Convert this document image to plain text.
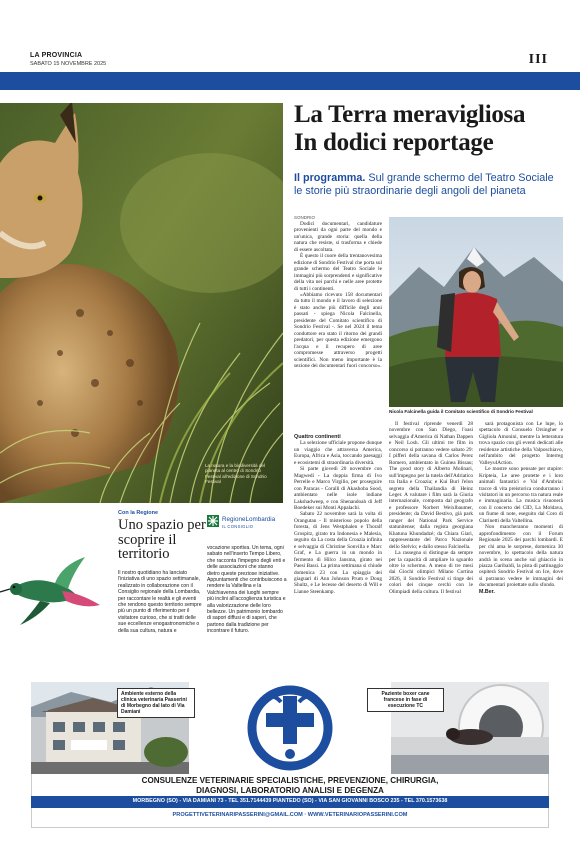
LA PROVINCIA
SABATO 15 NOVEMBRE 2025	III
La natura e la biodiversità del pianeta al centro di Sondrio Festival all'edizione di Sondrio Festival
La Terra meravigliosa
In dodici reportage
Il programma. Sul grande schermo del Teatro Sociale le storie più straordinarie degli angoli del pianeta
SONDRIO

Dodici documentari, candidature provenienti da ogni parte del mondo e un'unica, grande storia: quella della natura che resiste, si trasforma e chiede di essere ascoltata.

È questo il cuore della trentanovesima edizione di Sondrio Festival che porta sul grande schermo del Teatro Sociale le immagini più sorprendenti e significative della vita nei parchi e nelle aree protette di tutti i continenti.

«Abbiamo ricevuto 158 documentari da tutto il mondo e il lavoro di selezione è stato anche più difficile degli anni passati - spiega Nicola Falcinella, presidente del Comitato scientifico di Sondrio Festival -. Se nel 2024 il tema conduttore era stato il ritorno dei grandi predatori, per questa edizione emergono l'acqua e il recupero di aree compromesse attraverso progetti scientifici. Non meno importante è la sezione dei documentari fuori concorso».

Quattro continenti

La selezione ufficiale propone dunque un viaggio che attraversa America, Europa, Africa e Asia, toccando paesaggi e ecosistemi di straordinaria diversità.

Si parte giovedì 20 novembre con Magwedi - La doppia firma di Ivo Perrelle e Marco Virgilio, per proseguire con Paracas - Coralli di Akashoba Sood, ambientato nelle isole indiane Lakshadweep, e con Shenandoah di Jeff Boedeker sui Monti Appalachi.

Sabato 22 novembre sarà la volta di Orangutan - Il misterioso popolo della foresta, di Jens Westphalen e Thoralf Grospitz, girato tra Indonesia e Malesia, seguito da La costa della Croazia infinita e selvaggia di Christine Sonvilla e Marc Graf, e La guerra in un mondo in fermento di Hilco Jansma, girato nei Paesi Bassi. La prima settimana si chiude domenica 23 con La spiaggia dei giaguari di Ann Johnson Prum e Doug Shultz, e Le lecesse del deserto di Will e Lianne Steenkamp.

Nicola Falcinella guida il Comitato scientifico di Sondrio Festival

Il festival riprende venerdì 28 novembre con San Diego, l'oasi selvaggia d'America di Nathan Dappen e Neil Losh. Gli ultimi tre film in concorso si potranno vedere sabato 29: I pifferi della savana di Carlos Perez Romero, ambientato in Guinea Bissau; The good story di Alberto Molinari, sull'impegno per la tutela dell'Adriatico tra Italia e Croazia; e Kui Buri l'elon segreto della Thailandia di Heinz Leger. A valutare i film sarà la Giuria internazionale, composta dal geografo e professore Norbert Weixlbaumer, presidente; da David Bestivo, già park ranger del National Park Service statunitense; dalla regista georgiana Khatuna Khundadzé; da Chiara Giari, rappresentante del Parco Nazionale dello Stelvio; e dallo stesso Falcinella.

La rassegna si distingue da sempre per la capacità di ampliare lo sguardo oltre lo schermo. A meno di tre mesi dai Giochi olimpici Milano Cortina 2026, il Sondrio Festival si tinge dei colori dei cinque cerchi con le Olimpiadi della cultura. Il festival

sarà protagonista con Le lupe, lo spettacolo di Consuelo Orsingher e Gigliola Amonini, mentre la letteratura trova spazio con gli eventi dedicati alle residenze artistiche della Valposchiavo, nell'ambito del progetto Interreg Valleys4Action.

Le mostre sono pensate per stupire: Kripteia, Le aree protette e i loro animali fantastici e Val d'Ambria: tracce di vita preistorica condurranno i visitatori in un percorso tra natura reale e immaginaria. La musica risuonerà con il concerto del CID, La Moldava, un fiume di note, eseguito dal Coro di Clarinetti della Valtellina.

Non mancheranno momenti di approfondimento con il Forum Regionale 2025 dei parchi lombardi. E per chi ama le sorprese, domenica 30 novembre, lo spettacolo della natura andrà in scena anche sul ghiaccio in piazza Garibaldi, la pista di pattinaggio ospiterà Sondrio Festival on Ice, dove si potranno vedere le immagini dei documentari proiettate sullo sfondo.

M.Ber.

Con la Regione
Uno spazio per scoprire il territorio
Il nostro quotidiano ha lanciato l'iniziativa di uno spazio settimanale, realizzato in collaborazione con il Consiglio regionale della Lombardia, per raccontare le realtà e gli eventi che rendono questo territorio sempre più un punto di riferimento per il visitatore curioso, che si tratti delle sue eccellenze enogastronomiche o della sua cultura, natura e
RegioneLombardia
IL CONSIGLIO
vocazione sportiva. Un tema, ogni sabato nell'inserto Tempo Libero, che racconta l'impegno degli enti e delle associazioni che stanno dietro queste preziose iniziative. Appuntamenti che contribuiscono a rendere la Valtellina e la Valchiavenna dei luoghi sempre più inclini all'accoglienza turistica e alla valorizzazione delle loro bellezze. Un patrimonio lombardo di sapori diffusi e di saperi, che partono dalla tradizione per incontrare il futuro.
Ambiente esterno della clinica veterinaria Passerini di Morbegno dal lato di Via Damiani
Paziente boxer cane francese in fase di esecuzione TC
CONSULENZE VETERINARIE SPECIALISTICHE, PREVENZIONE, CHIRURGIA,
DIAGNOSI, LABORATORIO ANALISI E DEGENZA
MORBEGNO (SO) - VIA DAMIANI 73 - TEL 351.7144439 PIANTEDO (SO) - VIA SAN GIOVANNI BOSCO 235 - TEL 370.1573638
PROGETTIVETERINARIPASSERINI@GMAIL.COM · WWW.VETERINARIOPASSERINI.COM
